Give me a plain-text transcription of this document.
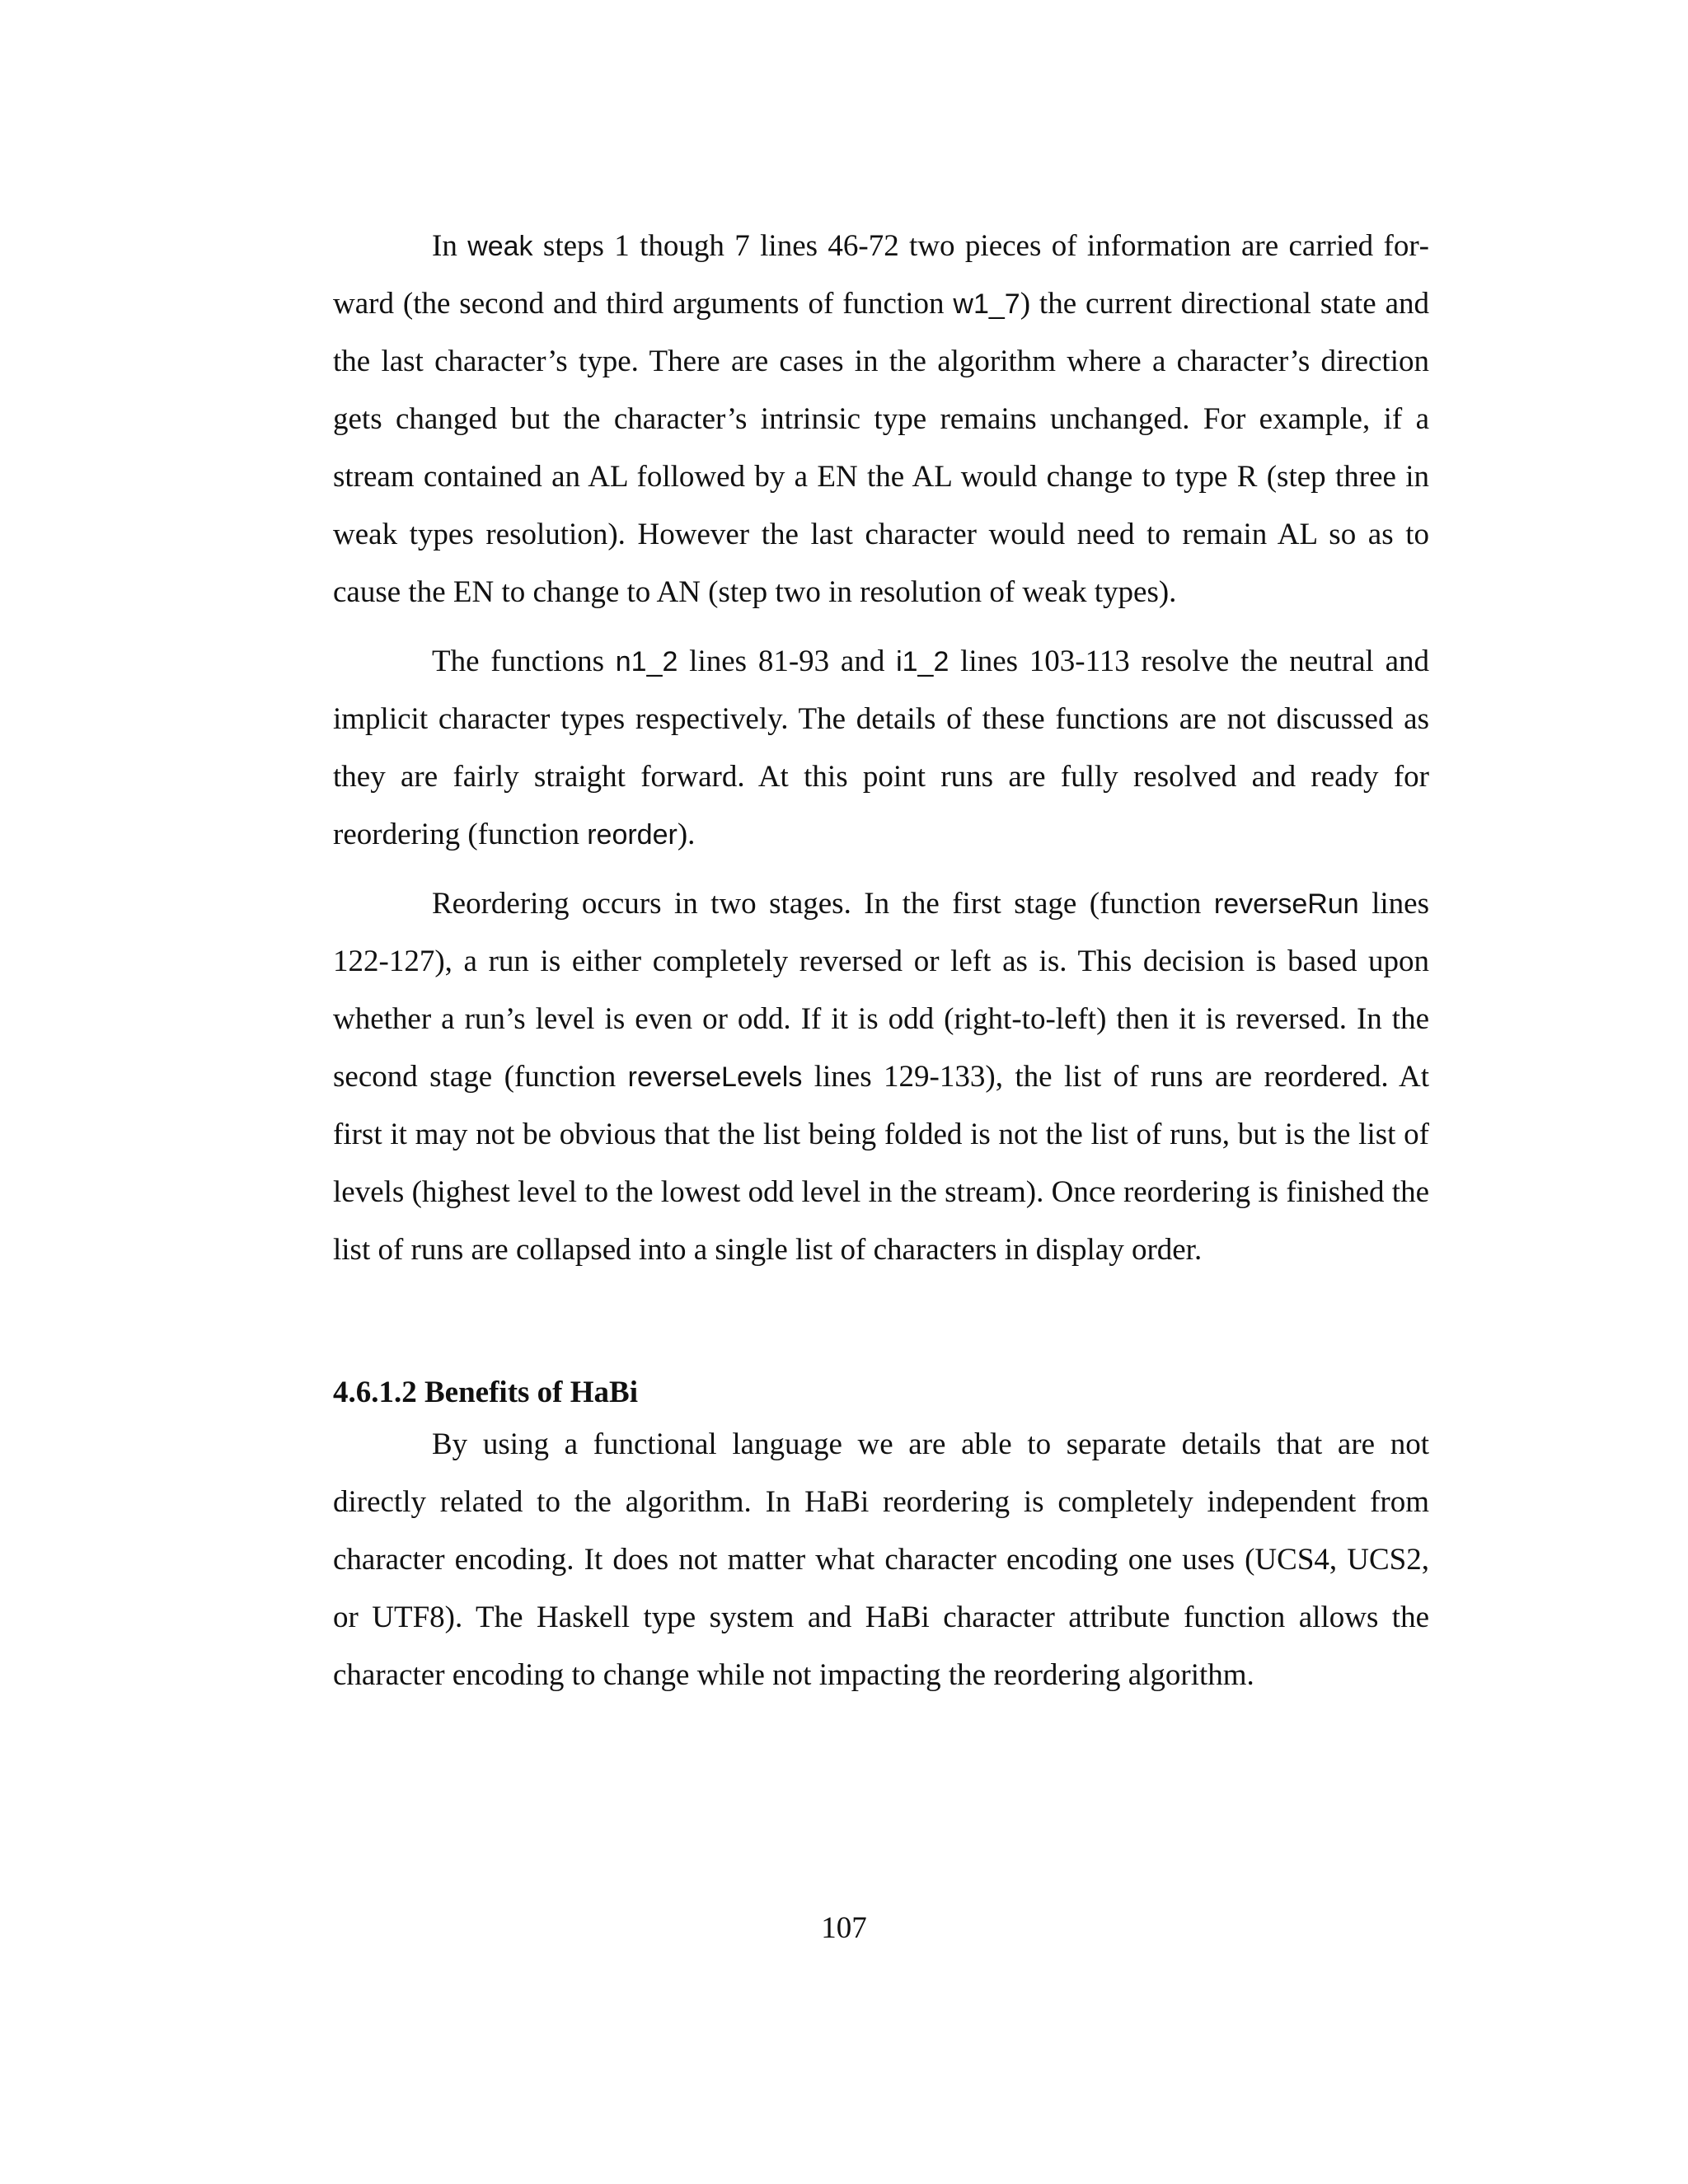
In weak steps 1 though 7 lines 46-72 two pieces of information are carried forward (the second and third arguments of function w1_7) the current directional state and the last character’s type. There are cases in the algorithm where a character’s direction gets changed but the character’s intrinsic type remains unchanged. For example, if a stream contained an AL followed by a EN the AL would change to type R (step three in weak types resolution). However the last character would need to remain AL so as to cause the EN to change to AN (step two in resolution of weak types).

The functions n1_2 lines 81-93 and i1_2 lines 103-113 resolve the neutral and implicit character types respectively. The details of these functions are not discussed as they are fairly straight forward. At this point runs are fully resolved and ready for reordering (function reorder).

Reordering occurs in two stages. In the first stage (function reverseRun lines 122-127), a run is either completely reversed or left as is. This decision is based upon whether a run’s level is even or odd. If it is odd (right-to-left) then it is reversed. In the second stage (function reverseLevels lines 129-133), the list of runs are reordered. At first it may not be obvious that the list being folded is not the list of runs, but is the list of levels (highest level to the lowest odd level in the stream). Once reordering is finished the list of runs are collapsed into a single list of characters in display order.

4.6.1.2 Benefits of HaBi

By using a functional language we are able to separate details that are not directly related to the algorithm. In HaBi reordering is completely independent from character encoding. It does not matter what character encoding one uses (UCS4, UCS2, or UTF8). The Haskell type system and HaBi character attribute function allows the character encoding to change while not impacting the reordering algorithm.

107
